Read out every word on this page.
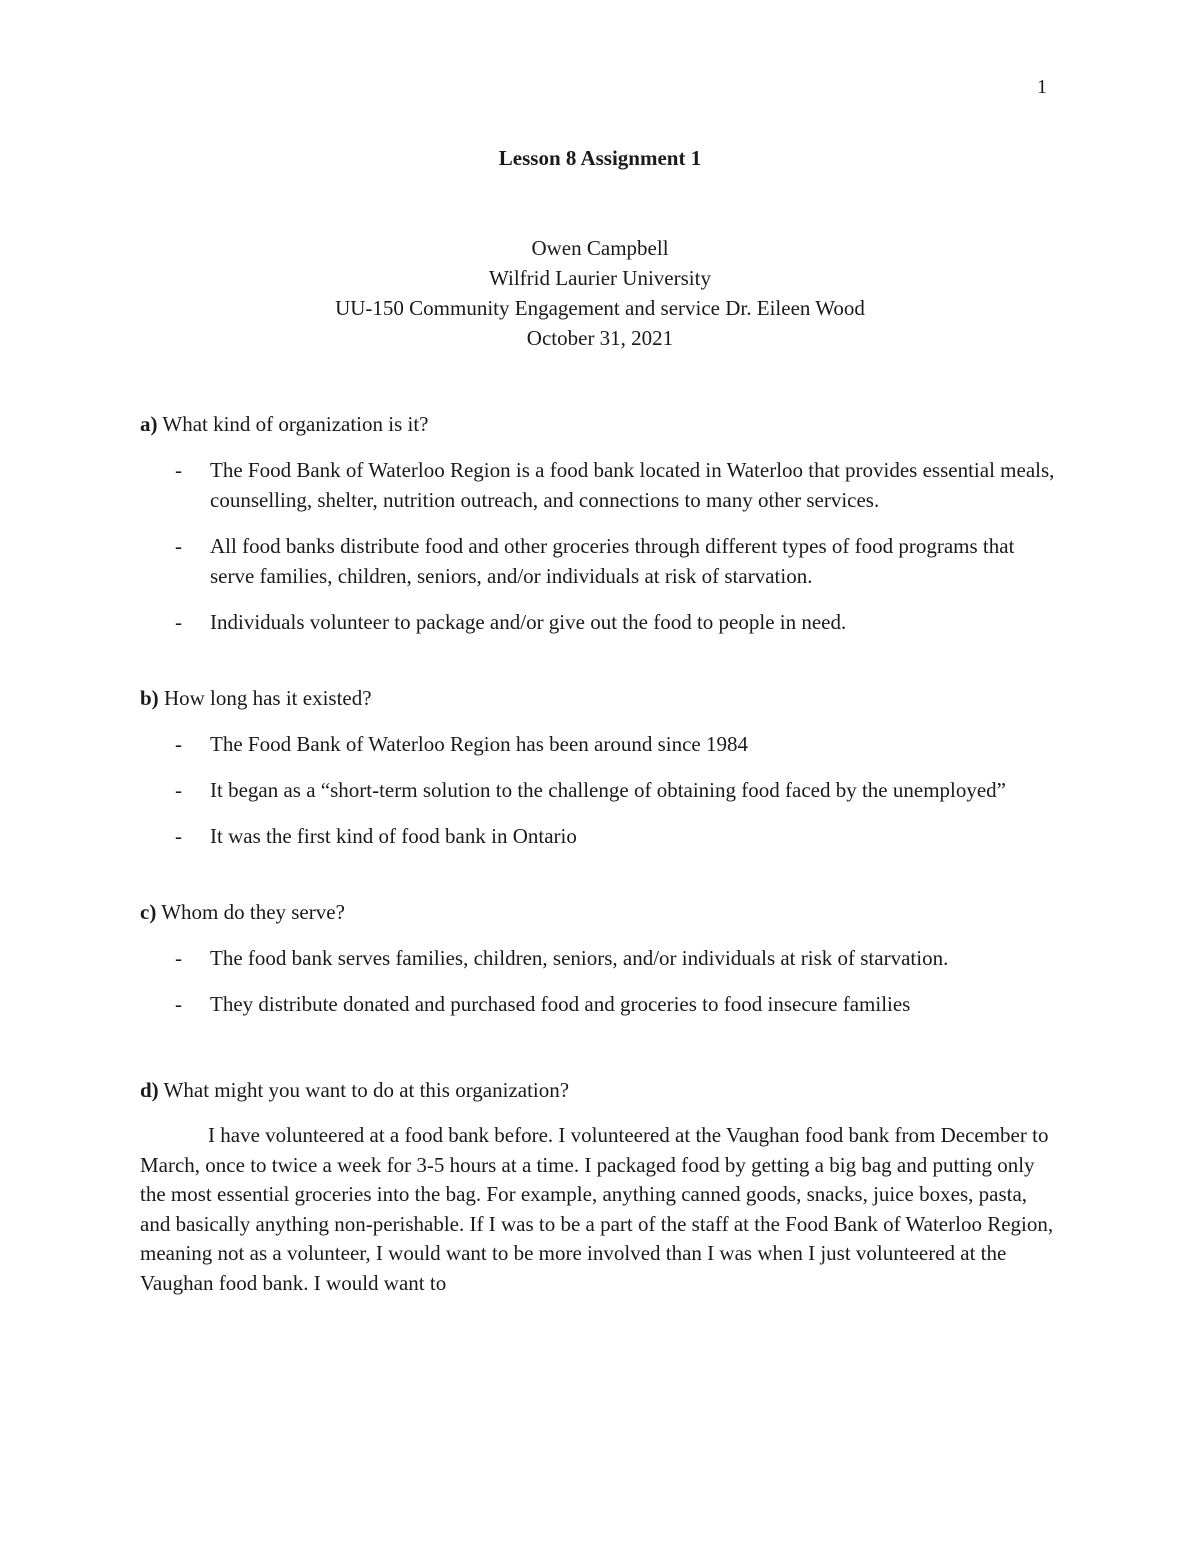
1

Lesson 8 Assignment 1

Owen Campbell

Wilfrid Laurier University

UU-150 Community Engagement and service Dr. Eileen Wood

October 31, 2021

a) What kind of organization is it?

- The Food Bank of Waterloo Region is a food bank located in Waterloo that provides essential meals, counselling, shelter, nutrition outreach, and connections to many other services.
- All food banks distribute food and other groceries through different types of food programs that serve families, children, seniors, and/or individuals at risk of starvation.
- Individuals volunteer to package and/or give out the food to people in need.

b) How long has it existed?

- The Food Bank of Waterloo Region has been around since 1984
- It began as a “short-term solution to the challenge of obtaining food faced by the unemployed”
- It was the first kind of food bank in Ontario

c) Whom do they serve?

- The food bank serves families, children, seniors, and/or individuals at risk of starvation.
- They distribute donated and purchased food and groceries to food insecure families

d) What might you want to do at this organization?

I have volunteered at a food bank before. I volunteered at the Vaughan food bank from December to March, once to twice a week for 3-5 hours at a time. I packaged food by getting a big bag and putting only the most essential groceries into the bag. For example, anything canned goods, snacks, juice boxes, pasta, and basically anything non-perishable. If I was to be a part of the staff at the Food Bank of Waterloo Region, meaning not as a volunteer, I would want to be more involved than I was when I just volunteered at the Vaughan food bank. I would want to
